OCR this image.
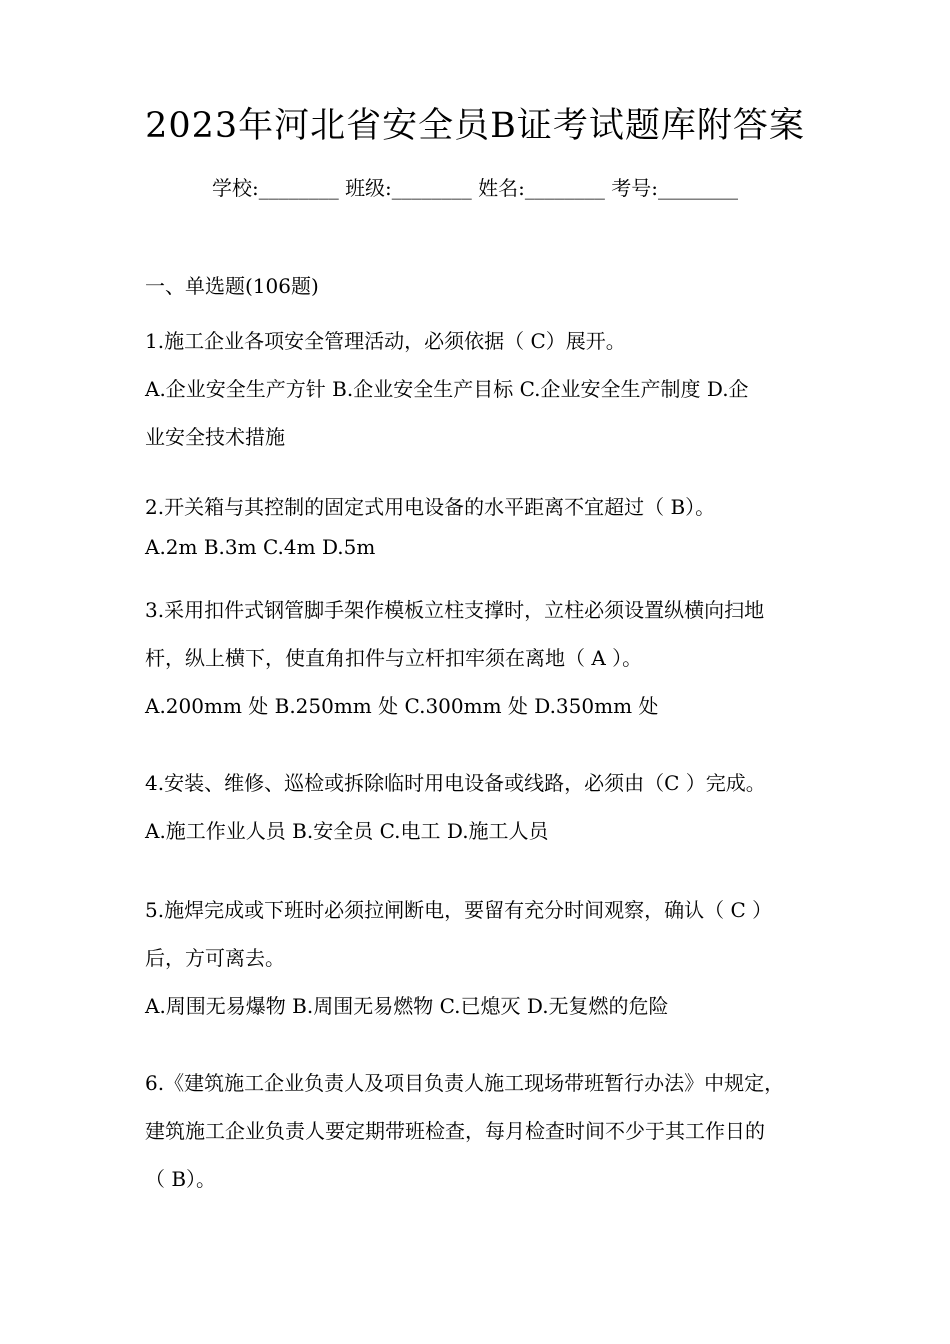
2023年河北省安全员B证考试题库附答案
学校:________ 班级:________ 姓名:________ 考号:________
一、单选题(106题)
1.施工企业各项安全管理活动，必须依据（ C）展开。
A.企业安全生产方针 B.企业安全生产目标 C.企业安全生产制度 D.企
业安全技术措施
2.开关箱与其控制的固定式用电设备的水平距离不宜超过（ B）。
A.2m B.3m C.4m D.5m
3.采用扣件式钢管脚手架作模板立柱支撑时，立柱必须设置纵横向扫地
杆，纵上横下，使直角扣件与立杆扣牢须在离地（ A ）。
A.200mm 处 B.250mm 处 C.300mm 处 D.350mm 处
4.安装、维修、巡检或拆除临时用电设备或线路，必须由（C ）完成。
A.施工作业人员 B.安全员 C.电工 D.施工人员
5.施焊完成或下班时必须拉闸断电，要留有充分时间观察，确认（ C ）
后，方可离去。
A.周围无易爆物 B.周围无易燃物 C.已熄灭 D.无复燃的危险
6.《建筑施工企业负责人及项目负责人施工现场带班暂行办法》中规定，
建筑施工企业负责人要定期带班检查，每月检查时间不少于其工作日的
（ B）。
